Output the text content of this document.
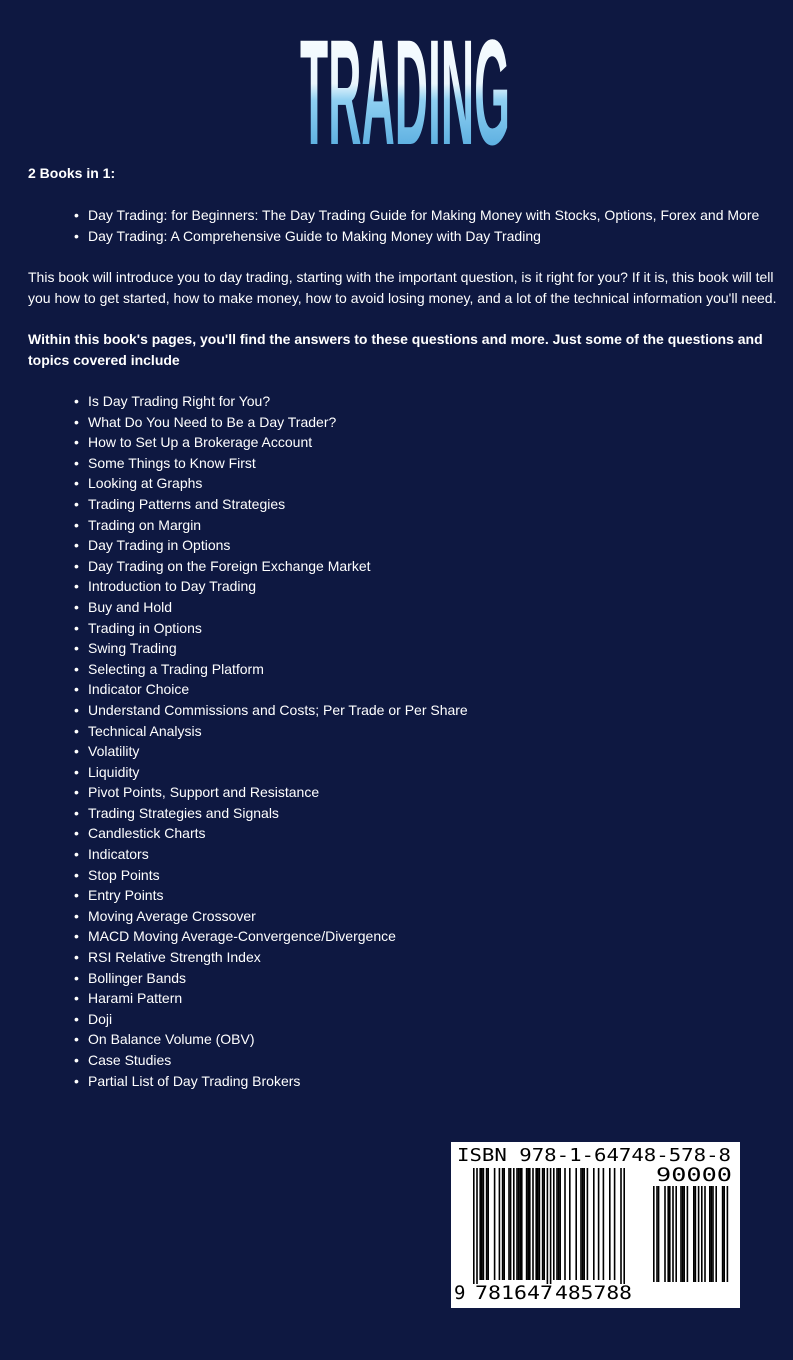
TRADING

2 Books in 1:

• Day Trading: for Beginners: The Day Trading Guide for Making Money with Stocks, Options, Forex and More
• Day Trading: A Comprehensive Guide to Making Money with Day Trading

This book will introduce you to day trading, starting with the important question, is it right for you? If it is, this book will tell you how to get started, how to make money, how to avoid losing money, and a lot of the technical information you'll need.

Within this book's pages, you'll find the answers to these questions and more. Just some of the questions and topics covered include

• Is Day Trading Right for You?
• What Do You Need to Be a Day Trader?
• How to Set Up a Brokerage Account
• Some Things to Know First
• Looking at Graphs
• Trading Patterns and Strategies
• Trading on Margin
• Day Trading in Options
• Day Trading on the Foreign Exchange Market
• Introduction to Day Trading
• Buy and Hold
• Trading in Options
• Swing Trading
• Selecting a Trading Platform
• Indicator Choice
• Understand Commissions and Costs; Per Trade or Per Share
• Technical Analysis
• Volatility
• Liquidity
• Pivot Points, Support and Resistance
• Trading Strategies and Signals
• Candlestick Charts
• Indicators
• Stop Points
• Entry Points
• Moving Average Crossover
• MACD Moving Average-Convergence/Divergence
• RSI Relative Strength Index
• Bollinger Bands
• Harami Pattern
• Doji
• On Balance Volume (OBV)
• Case Studies
• Partial List of Day Trading Brokers
ISBN 978-1-64748-578-8
90000
9 781647 485788
